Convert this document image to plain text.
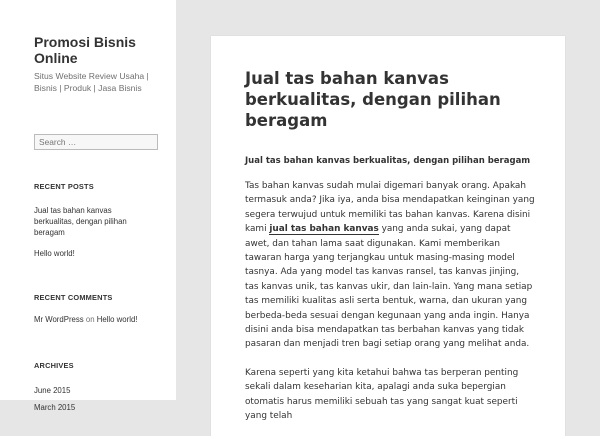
Promosi Bisnis Online

Situs Website Review Usaha | Bisnis | Produk | Jasa Bisnis

Search …
RECENT POSTS
Jual tas bahan kanvas berkualitas, dengan pilihan beragam
Hello world!
RECENT COMMENTS
Mr WordPress on Hello world!
ARCHIVES
June 2015
March 2015
Jual tas bahan kanvas berkualitas, dengan pilihan beragam

Jual tas bahan kanvas berkualitas, dengan pilihan beragam

Tas bahan kanvas sudah mulai digemari banyak orang. Apakah termasuk anda? Jika iya, anda bisa mendapatkan keinginan yang segera terwujud untuk memiliki tas bahan kanvas. Karena disini kami jual tas bahan kanvas yang anda sukai, yang dapat awet, dan tahan lama saat digunakan. Kami memberikan tawaran harga yang terjangkau untuk masing-masing model tasnya. Ada yang model tas kanvas ransel, tas kanvas jinjing, tas kanvas unik, tas kanvas ukir, dan lain-lain. Yang mana setiap tas memiliki kualitas asli serta bentuk, warna, dan ukuran yang berbeda-beda sesuai dengan kegunaan yang anda ingin. Hanya disini anda bisa mendapatkan tas berbahan kanvas yang tidak pasaran dan menjadi tren bagi setiap orang yang melihat anda.

Karena seperti yang kita ketahui bahwa tas berperan penting sekali dalam keseharian kita, apalagi anda suka bepergian otomatis harus memiliki sebuah tas yang sangat kuat seperti yang telah
